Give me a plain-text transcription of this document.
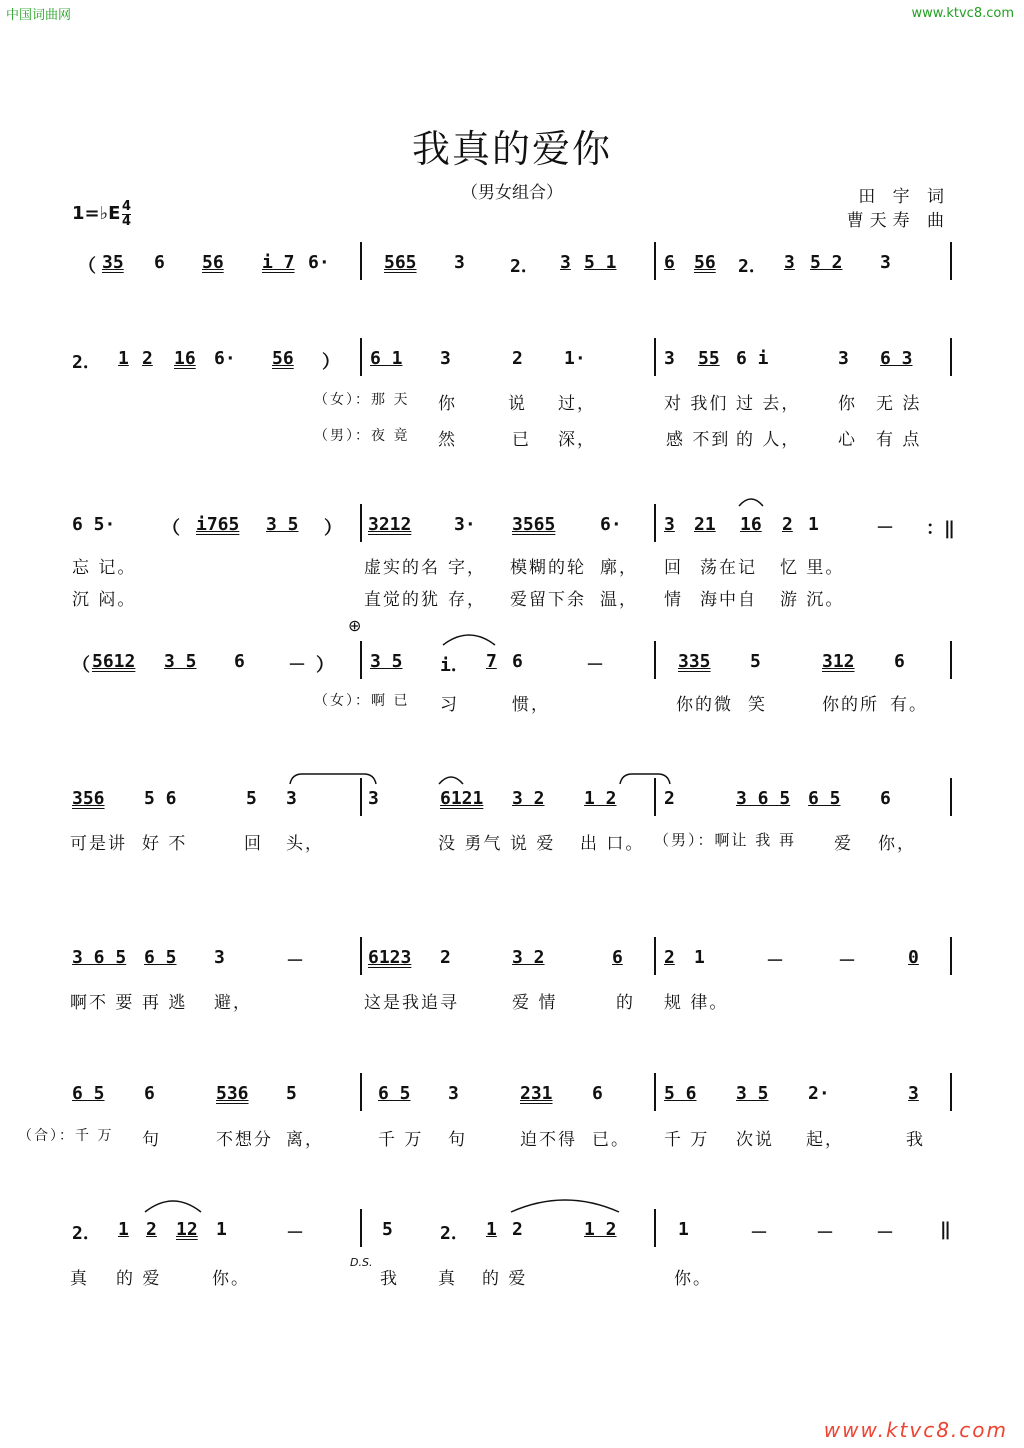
中国词曲网	www.ktvc8.com
我真的爱你
（男女组合）	田 宇 词
曹天寿 曲
1=♭E 4
4
（ 35 6 56 i 7 6·	565 3	2． 3 5 1	6 56 2． 3 5 2 3
2． 1 2 16 6· 56 ） 6 1 3	2 1·	3 55 6 i	3 6 3
（女）：那 天 你	说 过，	对 我们 过 去， 你 无 法
（男）：夜 竟 然	已 深，	感 不到 的 人， 心 有 点
6 5·	（ i765 3 5 ） 3212 3· 3565 6· 3 21 16 2 1	－ ：‖
忘 记。	虚实的名 字， 模糊的轮 廓， 回 荡在记 忆 里。
沉 闷。	直觉的犹 存， 爱留下余 温， 情 海中自 游 沉。
⊕
（ 5612 3 5 6 － ） 3 5 i． 7 6	－	335 5	312 6
（女）：啊 已 习	惯，	你的微 笑	你的所 有。
356 5 6	5 3	3	6121 3 2 1 2	2	3 6 5 6 5 6
可是讲 好 不	回 头，	没 勇气 说 爱 出 口。 （男）：啊让 我 再 爱 你，
3 6 5 6 5 3	－	6123 2	3 2	6 2 1	－	－	0
啊不 要 再 逃 避，	这是我追 寻	爱 情	的 规 律。
6 5 6	536 5	6 5 3	231 6	5 6 3 5 2·	3
（合）：千 万 句	不想分 离，	千 万 句	迫不得 已。 千 万 次说 起，	我
2． 1 2 12 1	－	5	2． 1 2	1 2	1	－	－ －	‖
D.S.
真 的 爱	你。	我 真 的 爱	你。
www.ktvc8.com
